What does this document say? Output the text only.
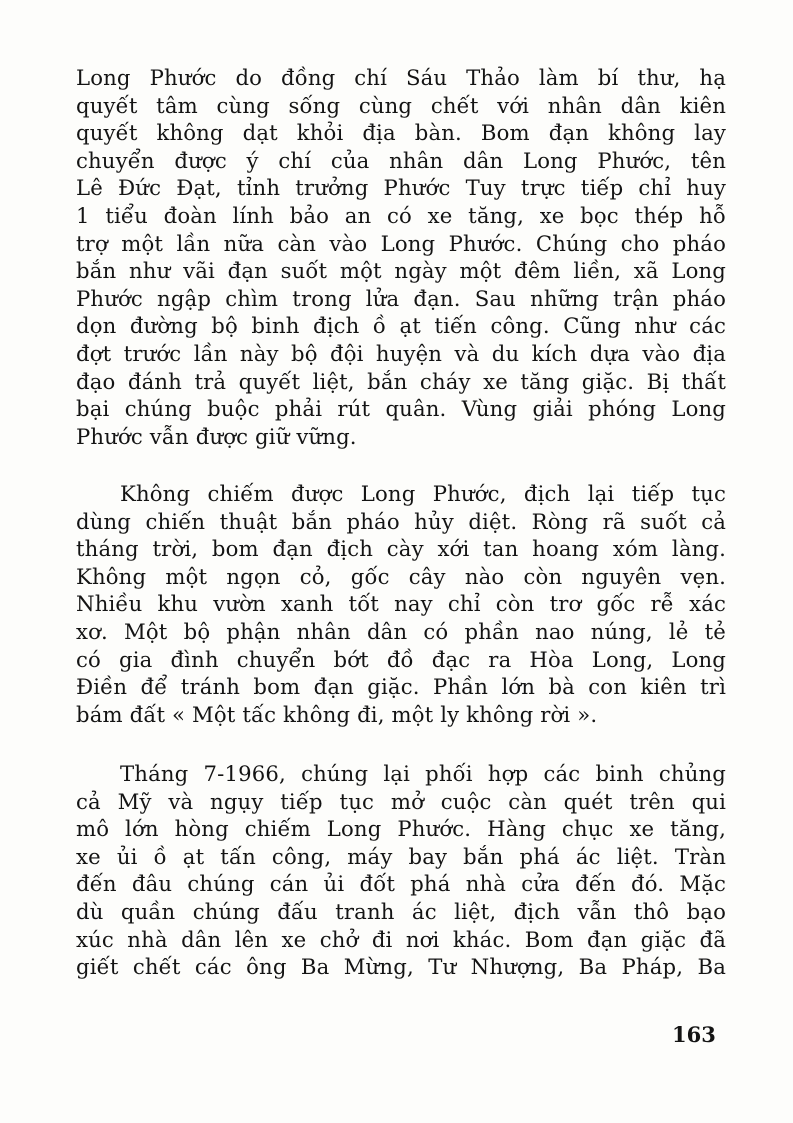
Long Phước do đồng chí Sáu Thảo làm bí thư, hạ
quyết tâm cùng sống cùng chết với nhân dân kiên
quyết không dạt khỏi địa bàn. Bom đạn không lay
chuyển được ý chí của nhân dân Long Phước, tên
Lê Đức Đạt, tỉnh trưởng Phước Tuy trực tiếp chỉ huy
1 tiểu đoàn lính bảo an có xe tăng, xe bọc thép hỗ
trợ một lần nữa càn vào Long Phước. Chúng cho pháo
bắn như vãi đạn suốt một ngày một đêm liền, xã Long
Phước ngập chìm trong lửa đạn. Sau những trận pháo
dọn đường bộ binh địch ồ ạt tiến công. Cũng như các
đợt trước lần này bộ đội huyện và du kích dựa vào địa
đạo đánh trả quyết liệt, bắn cháy xe tăng giặc. Bị thất
bại chúng buộc phải rút quân. Vùng giải phóng Long
Phước vẫn được giữ vững.
Không chiếm được Long Phước, địch lại tiếp tục
dùng chiến thuật bắn pháo hủy diệt. Ròng rã suốt cả
tháng trời, bom đạn địch cày xới tan hoang xóm làng.
Không một ngọn cỏ, gốc cây nào còn nguyên vẹn.
Nhiều khu vườn xanh tốt nay chỉ còn trơ gốc rễ xác
xơ. Một bộ phận nhân dân có phần nao núng, lẻ tẻ
có gia đình chuyển bớt đồ đạc ra Hòa Long, Long
Điền để tránh bom đạn giặc. Phần lớn bà con kiên trì
bám đất « Một tấc không đi, một ly không rời ».
Tháng 7-1966, chúng lại phối hợp các binh chủng
cả Mỹ và ngụy tiếp tục mở cuộc càn quét trên qui
mô lớn hòng chiếm Long Phước. Hàng chục xe tăng,
xe ủi ồ ạt tấn công, máy bay bắn phá ác liệt. Tràn
đến đâu chúng cán ủi đốt phá nhà cửa đến đó. Mặc
dù quần chúng đấu tranh ác liệt, địch vẫn thô bạo
xúc nhà dân lên xe chở đi nơi khác. Bom đạn giặc đã
giết chết các ông Ba Mừng, Tư Nhượng, Ba Pháp, Ba
163
